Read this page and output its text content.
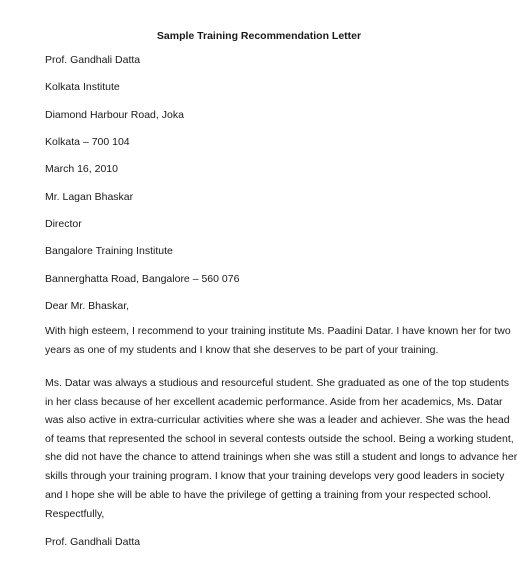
Sample Training Recommendation Letter
Prof. Gandhali Datta
Kolkata Institute
Diamond Harbour Road, Joka
Kolkata – 700 104
March 16, 2010
Mr. Lagan Bhaskar
Director
Bangalore Training Institute
Bannerghatta Road, Bangalore – 560 076
Dear Mr. Bhaskar,
With high esteem, I recommend to your training institute Ms. Paadini Datar. I have known her for two
years as one of my students and I know that she deserves to be part of your training.
Ms. Datar was always a studious and resourceful student. She graduated as one of the top students
in her class because of her excellent academic performance. Aside from her academics, Ms. Datar
was also active in extra-curricular activities where she was a leader and achiever. She was the head
of teams that represented the school in several contests outside the school. Being a working student,
she did not have the chance to attend trainings when she was still a student and longs to advance her
skills through your training program. I know that your training develops very good leaders in society
and I hope she will be able to have the privilege of getting a training from your respected school.
Respectfully,
Prof. Gandhali Datta
